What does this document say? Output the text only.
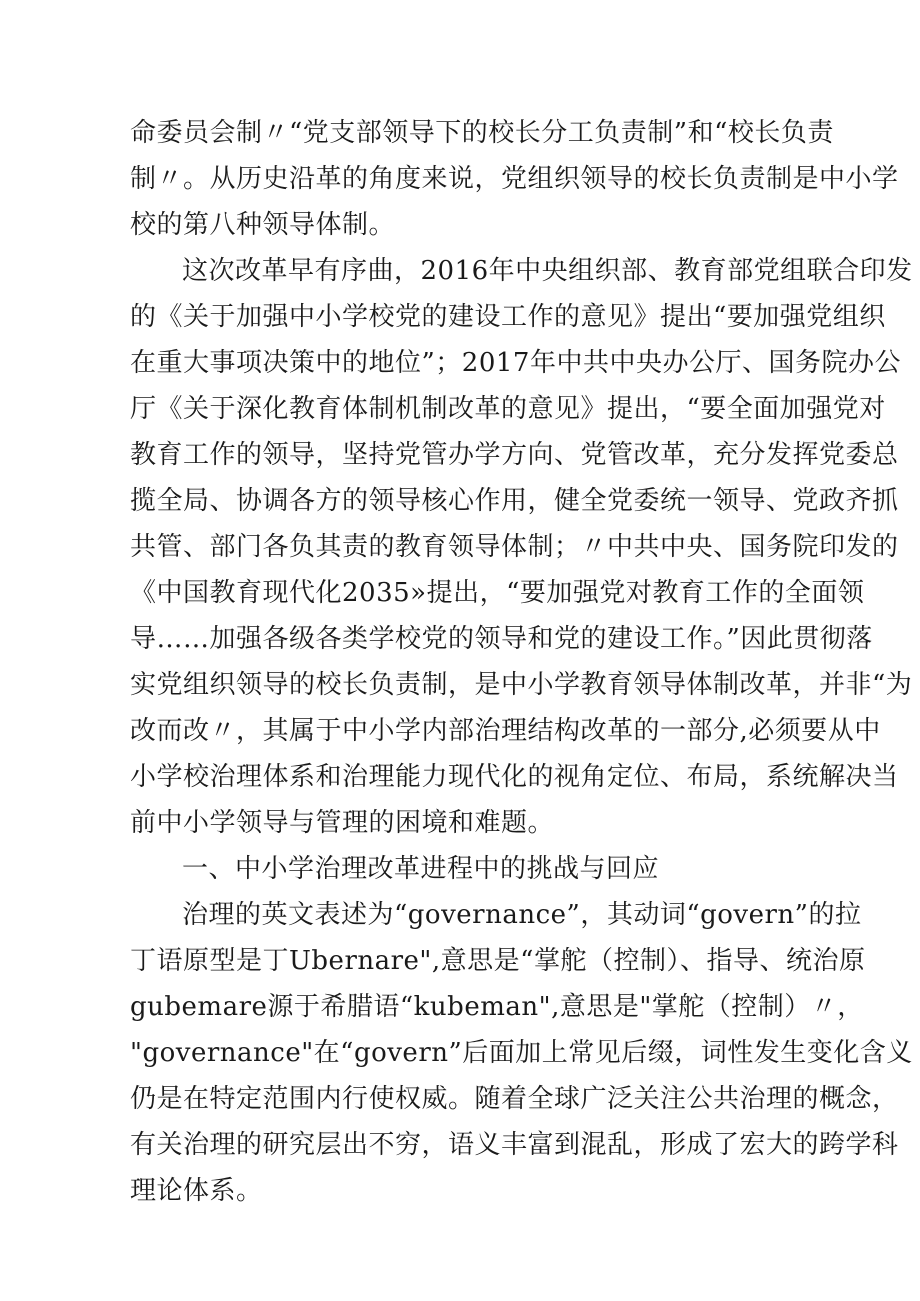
命委员会制〃“党支部领导下的校长分工负责制”和“校长负责
制〃。从历史沿革的角度来说，党组织领导的校长负责制是中小学
校的第八种领导体制。
这次改革早有序曲，2016年中央组织部、教育部党组联合印发
的《关于加强中小学校党的建设工作的意见》提出“要加强党组织
在重大事项决策中的地位”；2017年中共中央办公厅、国务院办公
厅《关于深化教育体制机制改革的意见》提出，“要全面加强党对
教育工作的领导，坚持党管办学方向、党管改革，充分发挥党委总
揽全局、协调各方的领导核心作用，健全党委统一领导、党政齐抓
共管、部门各负其责的教育领导体制；〃中共中央、国务院印发的
《中国教育现代化2035»提出，“要加强党对教育工作的全面领
导……加强各级各类学校党的领导和党的建设工作。”因此贯彻落
实党组织领导的校长负责制，是中小学教育领导体制改革，并非“为
改而改〃，其属于中小学内部治理结构改革的一部分,必须要从中
小学校治理体系和治理能力现代化的视角定位、布局，系统解决当
前中小学领导与管理的困境和难题。
一、中小学治理改革进程中的挑战与回应
治理的英文表述为“governance”，其动词“govern”的拉
丁语原型是丁Ubernare",意思是“掌舵（控制）、指导、统治原
gubemare源于希腊语“kubeman",意思是"掌舵（控制）〃，
"governance"在“govern”后面加上常见后缀，词性发生变化含义
仍是在特定范围内行使权威。随着全球广泛关注公共治理的概念，
有关治理的研究层出不穷，语义丰富到混乱，形成了宏大的跨学科
理论体系。
